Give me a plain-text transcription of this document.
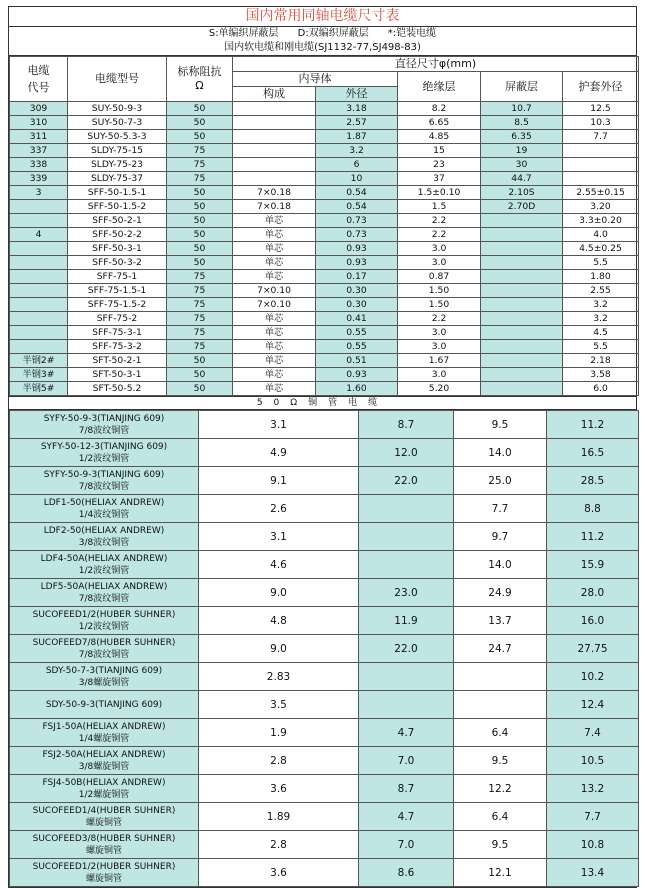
国内常用同轴电缆尺寸表
S:单编织屏蔽层      D:双编织屏蔽层      *:铠装电缆
国内软电缆和刚电缆(SJ1132-77,SJ498-83)
电缆
代号	电缆型号	标称阻抗
Ω	直径尺寸φ(mm)				
			内导体		绝缘层	屏蔽层	护套外径
			构成	外径			
309	SUY-50-9-3	50		3.18	8.2	10.7	12.5
310	SUY-50-7-3	50		2.57	6.65	8.5	10.3
311	SUY-50-5.3-3	50		1.87	4.85	6.35	7.7
337	SLDY-75-15	75		3.2	15	19	
338	SLDY-75-23	75		6	23	30	
339	SLDY-75-37	75		10	37	44.7	
3	SFF-50-1.5-1	50	7×0.18	0.54	1.5±0.10	2.10S	2.55±0.15
	SFF-50-1.5-2	50	7×0.18	0.54	1.5	2.70D	3.20
	SFF-50-2-1	50	单芯	0.73	2.2		3.3±0.20
4	SFF-50-2-2	50	单芯	0.73	2.2		4.0
	SFF-50-3-1	50	单芯	0.93	3.0		4.5±0.25
	SFF-50-3-2	50	单芯	0.93	3.0		5.5
	SFF-75-1	75	单芯	0.17	0.87		1.80
	SFF-75-1.5-1	75	7×0.10	0.30	1.50		2.55
	SFF-75-1.5-2	75	7×0.10	0.30	1.50		3.2
	SFF-75-2	75	单芯	0.41	2.2		3.2
	SFF-75-3-1	75	单芯	0.55	3.0		4.5
	SFF-75-3-2	75	单芯	0.55	3.0		5.5
半钢2#	SFT-50-2-1	50	单芯	0.51	1.67		2.18
半钢3#	SFT-50-3-1	50	单芯	0.93	3.0		3.58
半钢5#	SFT-50-5.2	50	单芯	1.60	5.20		6.0
50Ω铜管电缆
SYFY-50-9-3(TIANJING 609)
7/8波纹铜管	3.1	8.7	9.5	11.2

SYFY-50-12-3(TIANJING 609)
1/2波纹铜管	4.9	12.0	14.0	16.5

SYFY-50-9-3(TIANJING 609)
7/8波纹铜管	9.1	22.0	25.0	28.5

LDF1-50(HELIAX ANDREW)
1/4波纹铜管	2.6		7.7	8.8

LDF2-50(HELIAX ANDREW)
3/8波纹铜管	3.1		9.7	11.2

LDF4-50A(HELIAX ANDREW)
1/2波纹铜管	4.6		14.0	15.9

LDF5-50A(HELIAX ANDREW)
7/8波纹铜管	9.0	23.0	24.9	28.0

SUCOFEED1/2(HUBER SUHNER)
1/2波纹铜管	4.8	11.9	13.7	16.0

SUCOFEED7/8(HUBER SUHNER)
7/8波纹铜管	9.0	22.0	24.7	27.75

SDY-50-7-3(TIANJING 609)
3/8螺旋铜管	2.83			10.2

SDY-50-9-3(TIANJING 609)	3.5			12.4

FSJ1-50A(HELIAX ANDREW)
1/4螺旋铜管	1.9	4.7	6.4	7.4

FSJ2-50A(HELIAX ANDREW)
3/8螺旋铜管	2.8	7.0	9.5	10.5

FSJ4-50B(HELIAX ANDREW)
1/2螺旋铜管	3.6	8.7	12.2	13.2

SUCOFEED1/4(HUBER SUHNER)
螺旋铜管	1.89	4.7	6.4	7.7

SUCOFEED3/8(HUBER SUHNER)
螺旋铜管	2.8	7.0	9.5	10.8

SUCOFEED1/2(HUBER SUHNER)
螺旋铜管	3.6	8.6	12.1	13.4
